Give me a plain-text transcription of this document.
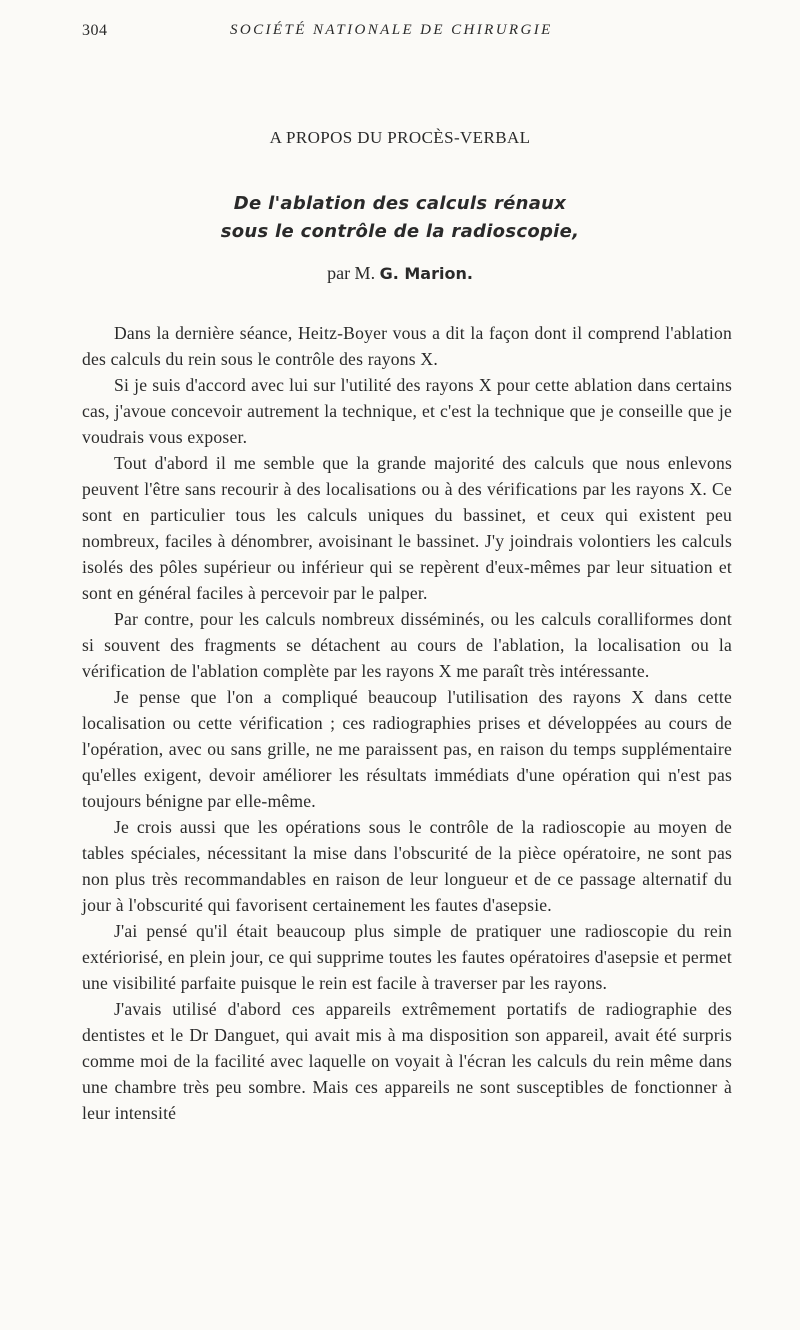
304	SOCIÉTÉ NATIONALE DE CHIRURGIE
A PROPOS DU PROCÈS-VERBAL
De l'ablation des calculs rénaux
sous le contrôle de la radioscopie,
par M. G. Marion.

Dans la dernière séance, Heitz-Boyer vous a dit la façon dont il comprend l'ablation des calculs du rein sous le contrôle des rayons X.

Si je suis d'accord avec lui sur l'utilité des rayons X pour cette ablation dans certains cas, j'avoue concevoir autrement la technique, et c'est la technique que je conseille que je voudrais vous exposer.

Tout d'abord il me semble que la grande majorité des calculs que nous enlevons peuvent l'être sans recourir à des localisations ou à des vérifications par les rayons X. Ce sont en particulier tous les calculs uniques du bassinet, et ceux qui existent peu nombreux, faciles à dénombrer, avoisinant le bassinet. J'y joindrais volontiers les calculs isolés des pôles supérieur ou inférieur qui se repèrent d'eux-mêmes par leur situation et sont en général faciles à percevoir par le palper.

Par contre, pour les calculs nombreux disséminés, ou les calculs coralliformes dont si souvent des fragments se détachent au cours de l'ablation, la localisation ou la vérification de l'ablation complète par les rayons X me paraît très intéressante.

Je pense que l'on a compliqué beaucoup l'utilisation des rayons X dans cette localisation ou cette vérification ; ces radiographies prises et développées au cours de l'opération, avec ou sans grille, ne me paraissent pas, en raison du temps supplémentaire qu'elles exigent, devoir améliorer les résultats immédiats d'une opération qui n'est pas toujours bénigne par elle-même.

Je crois aussi que les opérations sous le contrôle de la radioscopie au moyen de tables spéciales, nécessitant la mise dans l'obscurité de la pièce opératoire, ne sont pas non plus très recommandables en raison de leur longueur et de ce passage alternatif du jour à l'obscurité qui favorisent certainement les fautes d'asepsie.

J'ai pensé qu'il était beaucoup plus simple de pratiquer une radioscopie du rein extériorisé, en plein jour, ce qui supprime toutes les fautes opératoires d'asepsie et permet une visibilité parfaite puisque le rein est facile à traverser par les rayons.

J'avais utilisé d'abord ces appareils extrêmement portatifs de radiographie des dentistes et le Dr Danguet, qui avait mis à ma disposition son appareil, avait été surpris comme moi de la facilité avec laquelle on voyait à l'écran les calculs du rein même dans une chambre très peu sombre. Mais ces appareils ne sont susceptibles de fonctionner à leur intensité
